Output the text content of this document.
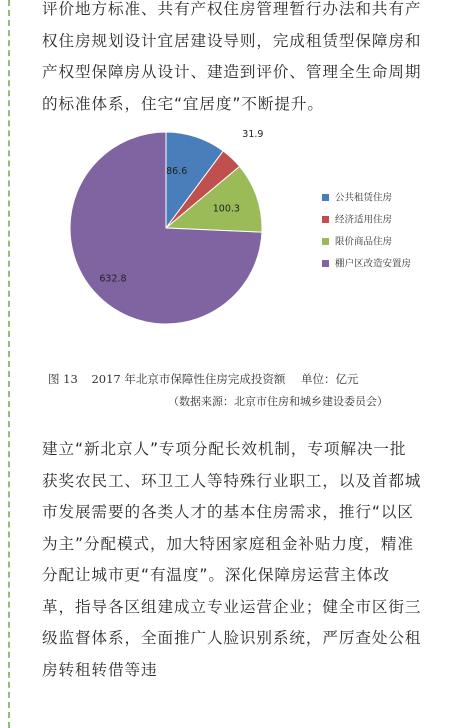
评价地方标准、共有产权住房管理暂行办法和共有产权住房规划设计宜居建设导则，完成租赁型保障房和产权型保障房从设计、建造到评价、管理全生命周期的标准体系，住宅“宜居度”不断提升。

86.6
31.9
100.3
632.8
公共租赁住房
经济适用住房
限价商品住房
棚户区改造安置房
图 13 2017 年北京市保障性住房完成投资额 单位：亿元
（数据来源：北京市住房和城乡建设委员会）

建立“新北京人”专项分配长效机制，专项解决一批获奖农民工、环卫工人等特殊行业职工，以及首都城市发展需要的各类人才的基本住房需求，推行“以区为主”分配模式，加大特困家庭租金补贴力度，精准分配让城市更“有温度”。深化保障房运营主体改革，指导各区组建成立专业运营企业；健全市区街三级监督体系，全面推广人脸识别系统，严厉查处公租房转租转借等违
